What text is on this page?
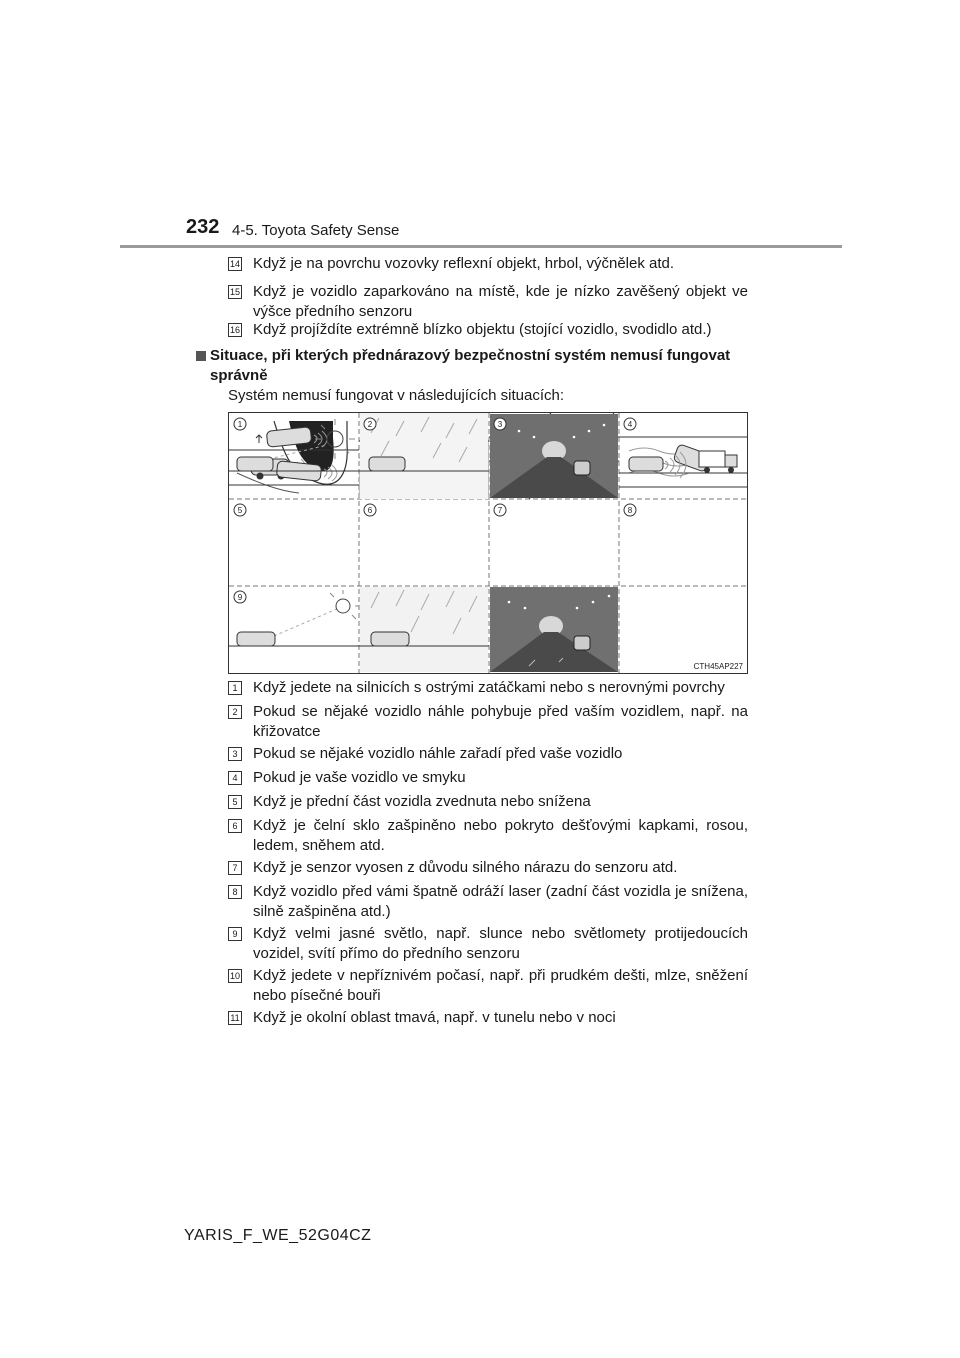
232 4-5. Toyota Safety Sense
14 Když je na povrchu vozovky reflexní objekt, hrbol, výčnělek atd.
15 Když je vozidlo zaparkováno na místě, kde je nízko zavěšený objekt ve výšce předního senzoru
16 Když projíždíte extrémně blízko objektu (stojící vozidlo, svodidlo atd.)
Situace, při kterých přednárazový bezpečnostní systém nemusí fungovat správně
Systém nemusí fungovat v následujících situacích:
1	2	3	4
5	6	7	8
9
CTH45AP227
1	Když jedete na silnicích s ostrými zatáčkami nebo s nerovnými povrchy
2	Pokud se nějaké vozidlo náhle pohybuje před vaším vozidlem, např. na křižovatce
3	Pokud se nějaké vozidlo náhle zařadí před vaše vozidlo
4	Pokud je vaše vozidlo ve smyku
5	Když je přední část vozidla zvednuta nebo snížena
6	Když je čelní sklo zašpiněno nebo pokryto dešťovými kapkami, rosou, ledem, sněhem atd.
7	Když je senzor vyosen z důvodu silného nárazu do senzoru atd.
8	Když vozidlo před vámi špatně odráží laser (zadní část vozidla je snížena, silně zašpiněna atd.)
9	Když velmi jasné světlo, např. slunce nebo světlomety protijedoucích vozidel, svítí přímo do předního senzoru
10 Když jedete v nepříznivém počasí, např. při prudkém dešti, mlze, sněžení nebo písečné bouři
11 Když je okolní oblast tmavá, např. v tunelu nebo v noci
YARIS_F_WE_52G04CZ
